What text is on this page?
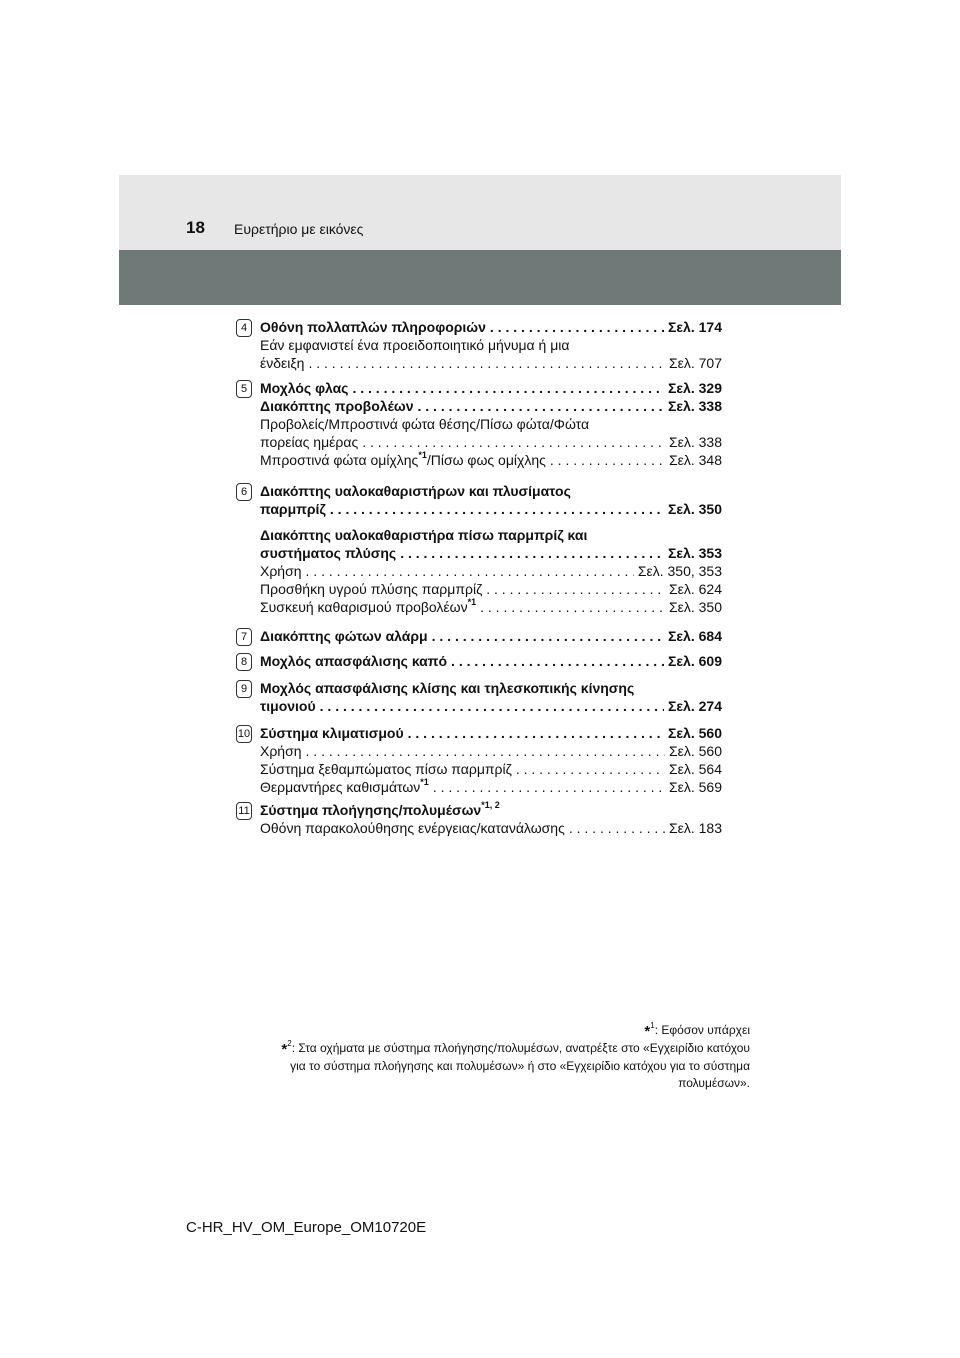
18 Ευρετήριο με εικόνες
4 Οθόνη πολλαπλών πληροφοριών . . .	Σελ. 174
Εάν εμφανιστεί ένα προειδοποιητικό μήνυμα ή μια
ένδειξη . . .	Σελ. 707
5 Μοχλός φλας . . .	Σελ. 329
Διακόπτης προβολέων . . .	Σελ. 338
Προβολείς/Μπροστινά φώτα θέσης/Πίσω φώτα/Φώτα
πορείας ημέρας . . .	Σελ. 338
Μπροστινά φώτα ομίχλης$^{*1}$/Πίσω φως ομίχλης . . .	Σελ. 348
6 Διακόπτης υαλοκαθαριστήρων και πλυσίματος
παρμπρίζ . . .	Σελ. 350
Διακόπτης υαλοκαθαριστήρα πίσω παρμπρίζ και
συστήματος πλύσης . . .	Σελ. 353
Χρήση . . .	Σελ. 350, 353
Προσθήκη υγρού πλύσης παρμπρίζ . . .	Σελ. 624
Συσκευή καθαρισμού προβολέων$^{*1}$ . . .	Σελ. 350
7 Διακόπτης φώτων αλάρμ . . .	Σελ. 684
8 Μοχλός απασφάλισης καπό . . .	Σελ. 609
9 Μοχλός απασφάλισης κλίσης και τηλεσκοπικής κίνησης
τιμονιού . . .	Σελ. 274
10 Σύστημα κλιματισμού . . .	Σελ. 560
Χρήση . . .	Σελ. 560
Σύστημα ξεθαμπώματος πίσω παρμπρίζ . . .	Σελ. 564
Θερμαντήρες καθισμάτων$^{*1}$ . . .	Σελ. 569
11 Σύστημα πλοήγησης/πολυμέσων$^{*1, 2}$
Οθόνη παρακολούθησης ενέργειας/κατανάλωσης . . .	Σελ. 183
*$^1$: Εφόσον υπάρχει
*$^2$: Στα οχήματα με σύστημα πλοήγησης/πολυμέσων, ανατρέξτε στο «Εγχειρίδιο κατόχου
για το σύστημα πλοήγησης και πολυμέσων» ή στο «Εγχειρίδιο κατόχου για το σύστημα
πολυμέσων».
C-HR_HV_OM_Europe_OM10720E
